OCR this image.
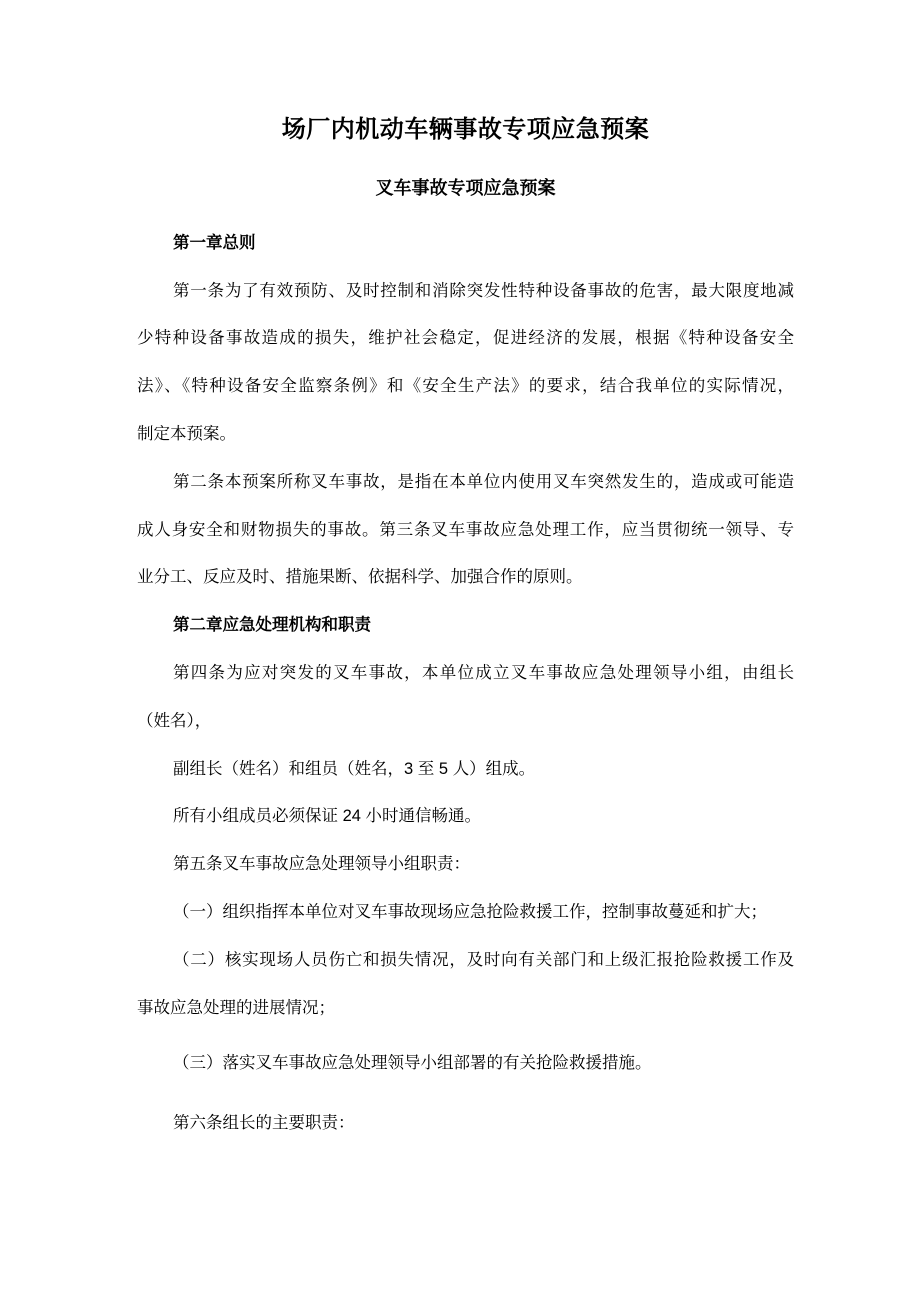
场厂内机动车辆事故专项应急预案
叉车事故专项应急预案
第一章总则
第一条为了有效预防、及时控制和消除突发性特种设备事故的危害，最大限度地减
少特种设备事故造成的损失，维护社会稳定，促进经济的发展，根据《特种设备安全
法》、《特种设备安全监察条例》和《安全生产法》的要求，结合我单位的实际情况，
制定本预案。
第二条本预案所称叉车事故，是指在本单位内使用叉车突然发生的，造成或可能造
成人身安全和财物损失的事故。第三条叉车事故应急处理工作，应当贯彻统一领导、专
业分工、反应及时、措施果断、依据科学、加强合作的原则。
第二章应急处理机构和职责
第四条为应对突发的叉车事故，本单位成立叉车事故应急处理领导小组，由组长
（姓名），
副组长（姓名）和组员（姓名，3 至 5 人）组成。
所有小组成员必须保证 24 小时通信畅通。
第五条叉车事故应急处理领导小组职责：
（一）组织指挥本单位对叉车事故现场应急抢险救援工作，控制事故蔓延和扩大；
（二）核实现场人员伤亡和损失情况，及时向有关部门和上级汇报抢险救援工作及
事故应急处理的进展情况；
（三）落实叉车事故应急处理领导小组部署的有关抢险救援措施。
第六条组长的主要职责：
